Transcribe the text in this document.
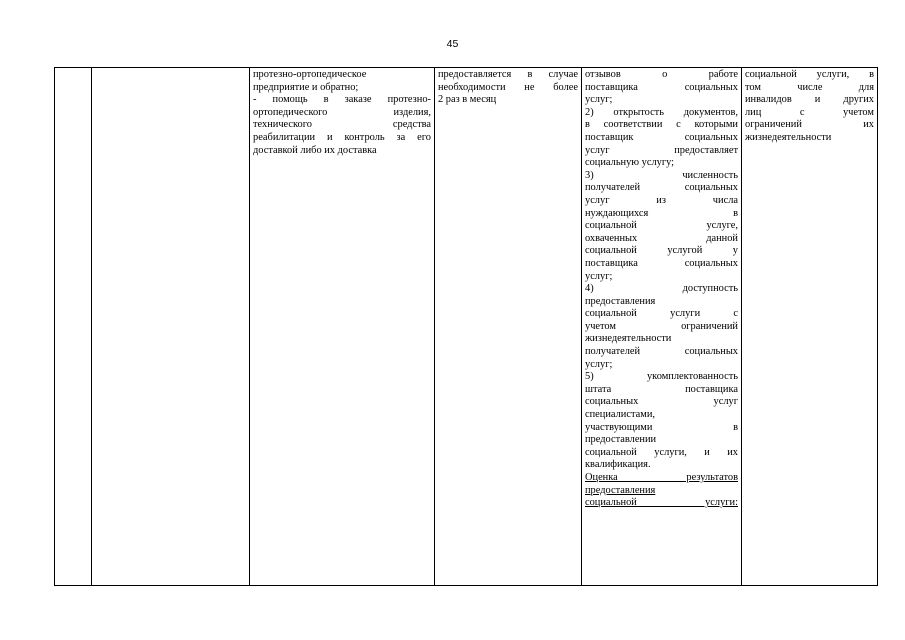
45

протезно-ортопедическое
предприятие и обратно;
- помощь в заказе протезно-
ортопедического изделия,
технического средства
реабилитации и контроль за его
доставкой либо их доставка

предоставляется в случае
необходимости не более
2 раз в месяц

отзывов о работе
поставщика социальных
услуг;
2) открытость документов,
в соответствии с которыми
поставщик социальных
услуг предоставляет
социальную услугу;
3) численность
получателей социальных
услуг из числа
нуждающихся в
социальной услуге,
охваченных данной
социальной услугой у
поставщика социальных
услуг;
4) доступность
предоставления
социальной услуги с
учетом ограничений
жизнедеятельности
получателей социальных
услуг;
5) укомплектованность
штата поставщика
социальных услуг
специалистами,
участвующими в
предоставлении
социальной услуги, и их
квалификация.
Оценка результатов
предоставления
социальной услуги:

социальной услуги, в
том числе для
инвалидов и других
лиц с учетом
ограничений их
жизнедеятельности
